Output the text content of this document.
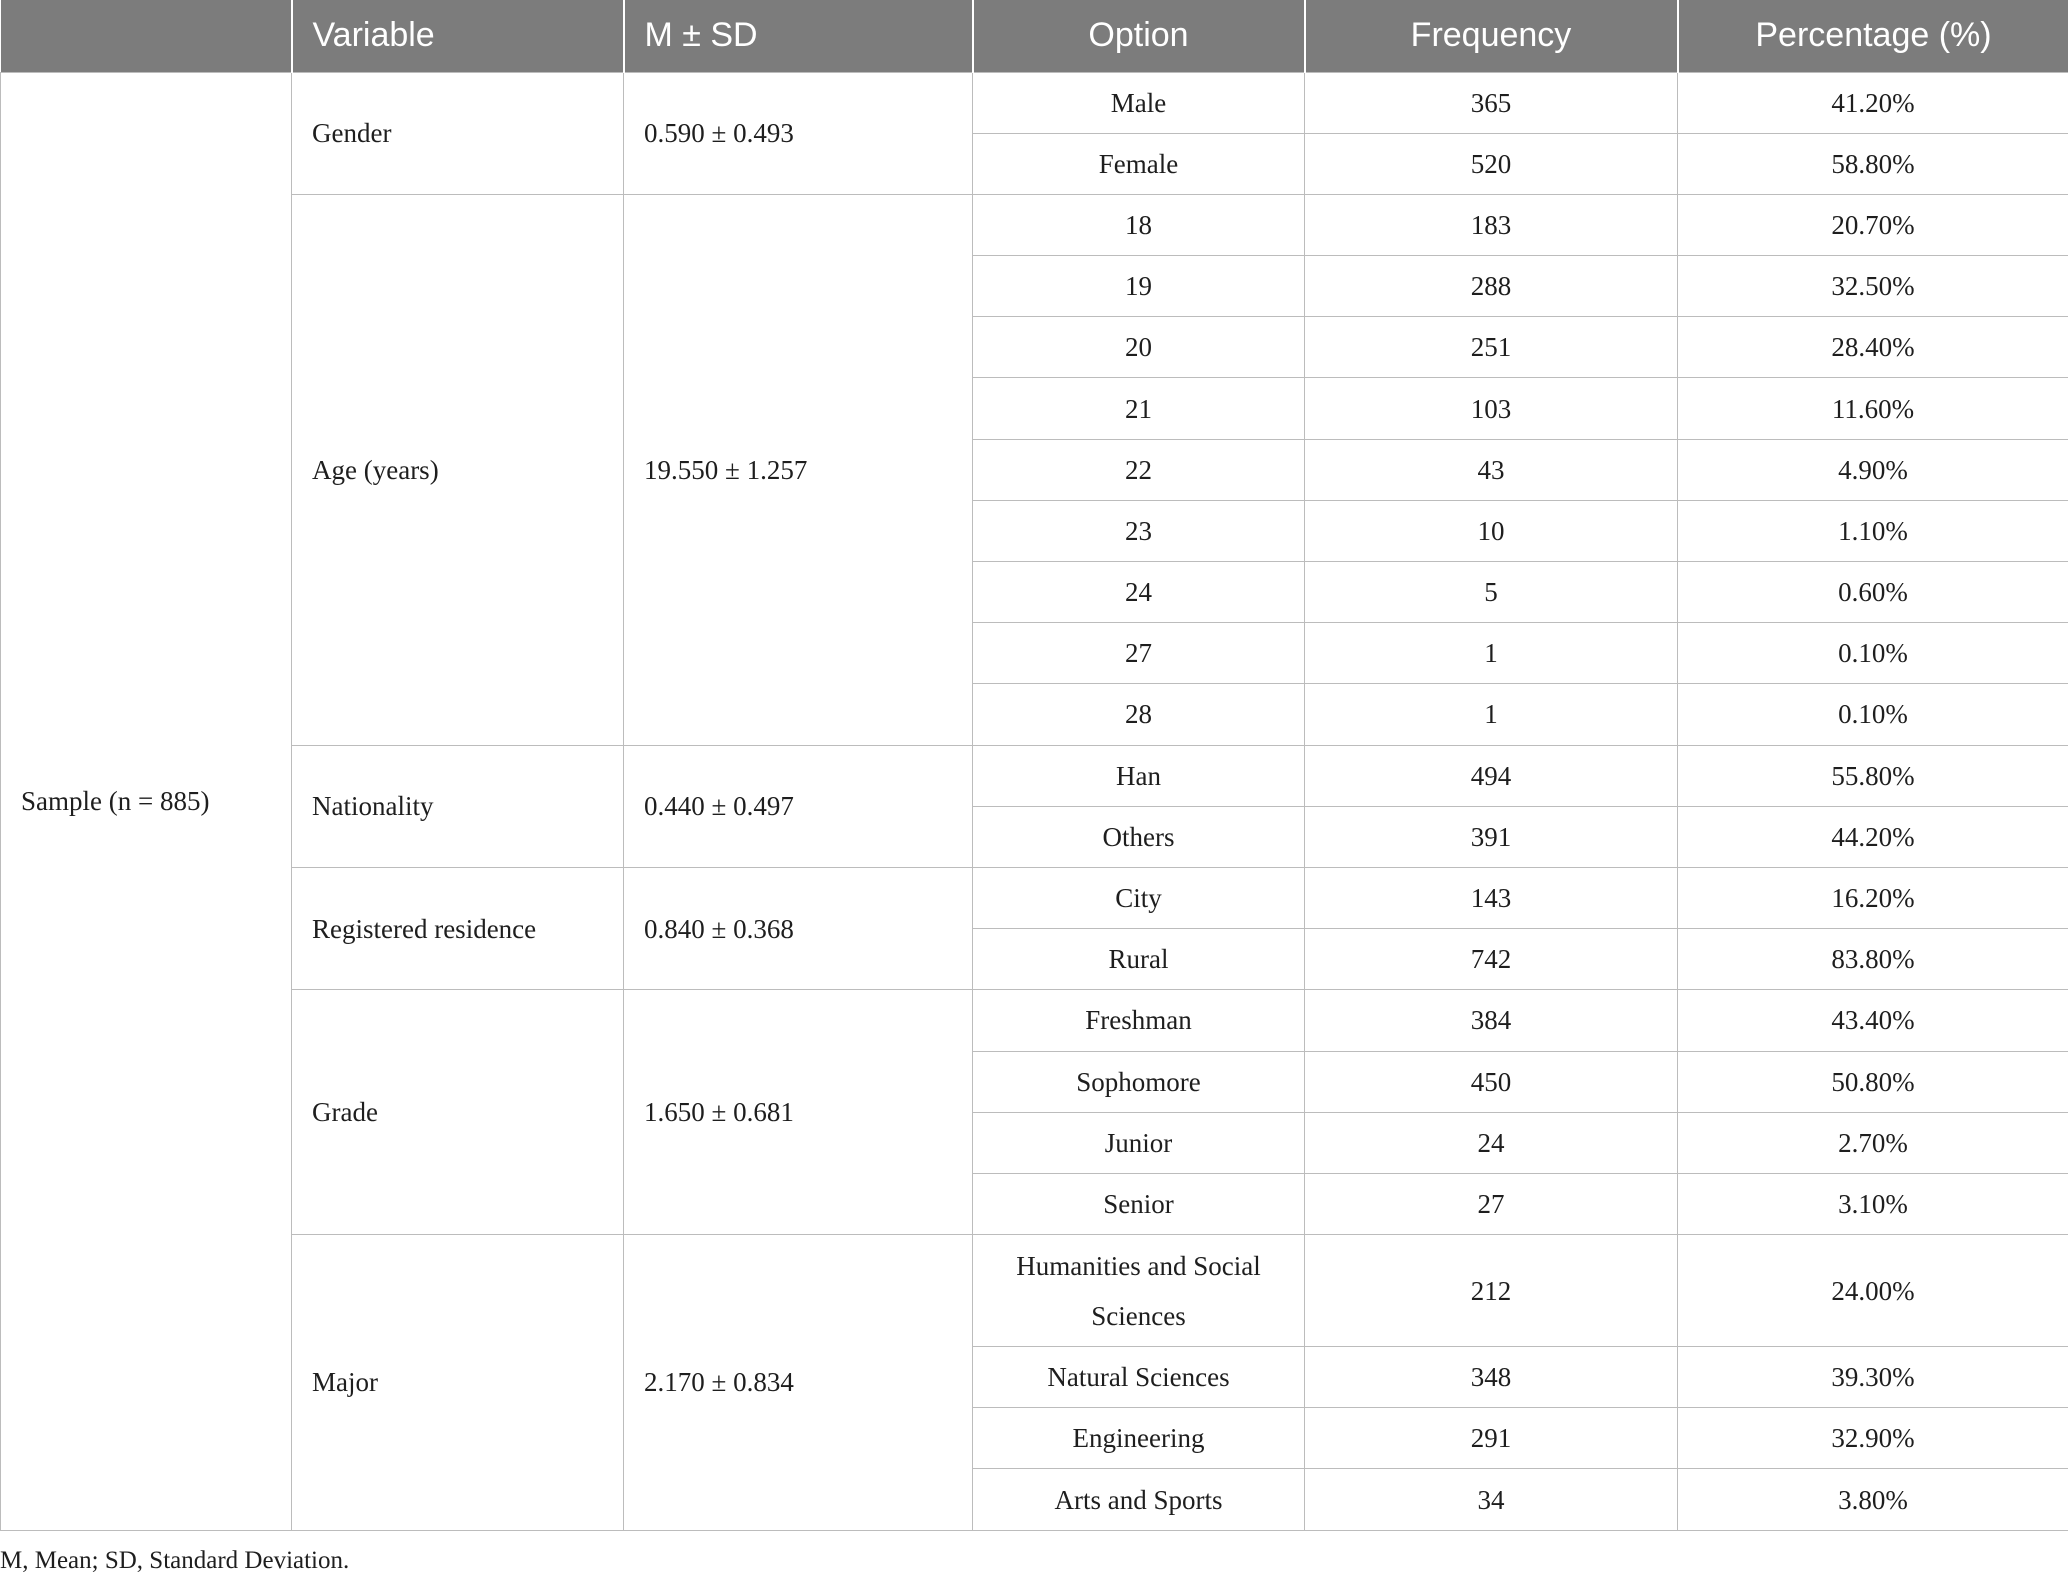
	Variable	M ± SD	Option	Frequency	Percentage (%)
Sample (n = 885)	Gender	0.590 ± 0.493	Male	365	41.20%
			Female	520	58.80%
	Age (years)	19.550 ± 1.257	18	183	20.70%
			19	288	32.50%
			20	251	28.40%
			21	103	11.60%
			22	43	4.90%
			23	10	1.10%
			24	5	0.60%
			27	1	0.10%
			28	1	0.10%
	Nationality	0.440 ± 0.497	Han	494	55.80%
			Others	391	44.20%
	Registered residence	0.840 ± 0.368	City	143	16.20%
			Rural	742	83.80%
	Grade	1.650 ± 0.681	Freshman	384	43.40%
			Sophomore	450	50.80%
			Junior	24	2.70%
			Senior	27	3.10%
	Major	2.170 ± 0.834	Humanities and Social Sciences	212	24.00%
			Natural Sciences	348	39.30%
			Engineering	291	32.90%
			Arts and Sports	34	3.80%
M, Mean; SD, Standard Deviation.
